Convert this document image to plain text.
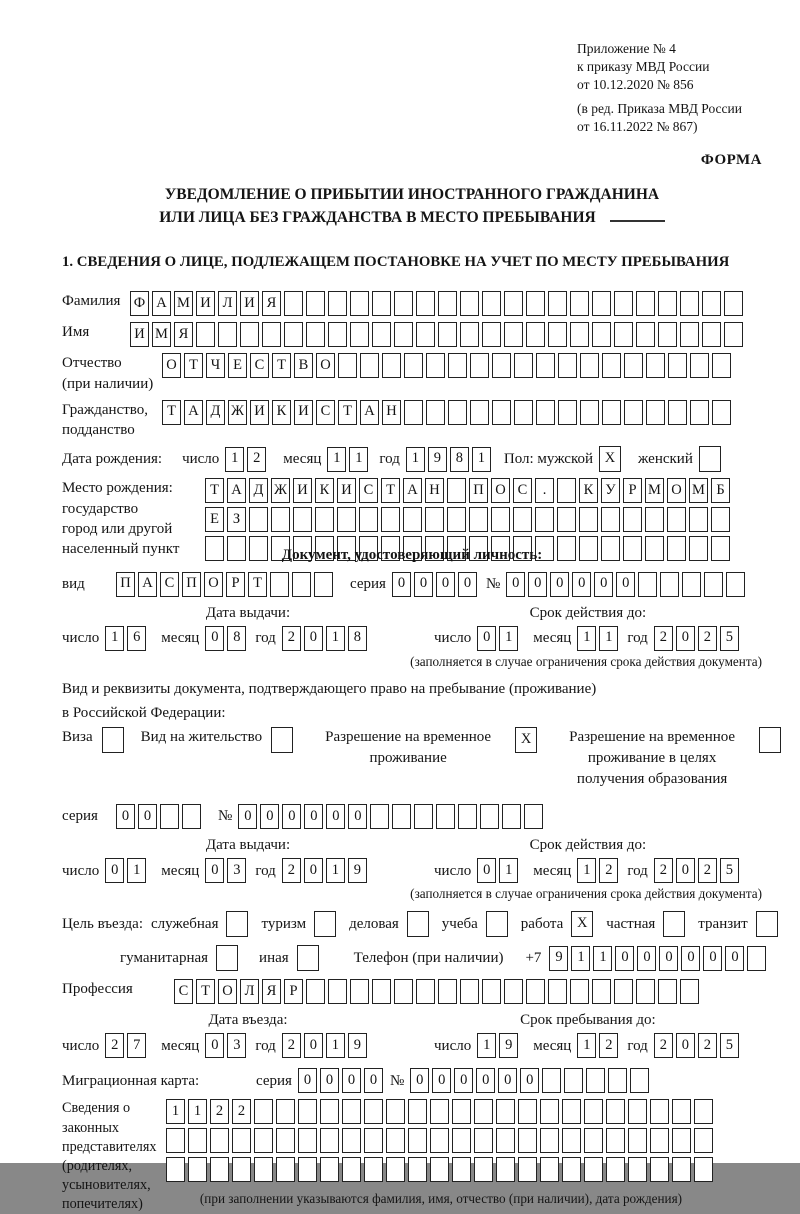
Приложение № 4
к приказу МВД России
от 10.12.2020 № 856
(в ред. Приказа МВД России
от 16.11.2022 № 867)
ФОРМА
УВЕДОМЛЕНИЕ О ПРИБЫТИИ ИНОСТРАННОГО ГРАЖДАНИНА
ИЛИ ЛИЦА БЕЗ ГРАЖДАНСТВА В МЕСТО ПРЕБЫВАНИЯ
1. СВЕДЕНИЯ О ЛИЦЕ, ПОДЛЕЖАЩЕМ ПОСТАНОВКЕ НА УЧЕТ ПО МЕСТУ ПРЕБЫВАНИЯ
Фамилия Ф А М И Л И Я
Имя	И М Я
Отчество
(при наличии)
О Т Ч Е С Т В О
Гражданство,
подданство
Т А Д Ж И К И С Т А Н
Дата рождения: число 1	2	месяц 1	1	год 1	9	8	1	Пол: мужской X	женский
Место рождения:
государство
город или другой
населенный пункт
Т А Д Ж И К И С Т А Н П О С	.	К У Р М О М Б
Е З
Документ, удостоверяющий личность:
вид	П А С П О Р Т	серия 0	0	0	0 № 0	0	0	0	0	0
Дата выдачи:
число 1	6	месяц 0	8 год 2	0	1	8
Срок действия до:
число 0	1	месяц 1	1 год 2	0	2	5
(заполняется в случае ограничения срока действия документа)
Вид и реквизиты документа, подтверждающего право на пребывание (проживание)
в Российской Федерации:
Виза	Вид на жительство	Разрешение на временное проживание
X	Разрешение на временное проживание в целях получения образования
серия	0	0	№ 0	0	0	0	0	0
Дата выдачи:
число 0	1	месяц 0	3 год 2	0	1	9
Срок действия до:
число 0	1	месяц 1	2 год 2	0	2	5
(заполняется в случае ограничения срока действия документа)
Цель въезда: служебная	туризм	деловая	учеба	работа X	частная	транзит
гуманитарная	иная	Телефон (при наличии) +7 9	1	1	0	0	0	0	0	0
Профессия	С Т О Л Я Р
Дата въезда:
число 2	7	месяц 0	3 год 2	0	1	9
Срок пребывания до:
число 1	9	месяц 1	2 год 2	0	2	5
Миграционная карта:	серия 0	0	0	0 № 0	0	0	0	0	0
Сведения о
законных
представителях
(родителях,
усыновителях,
попечителях)
1	1	2	2
(при заполнении указываются фамилия, имя, отчество (при наличии), дата рождения)
